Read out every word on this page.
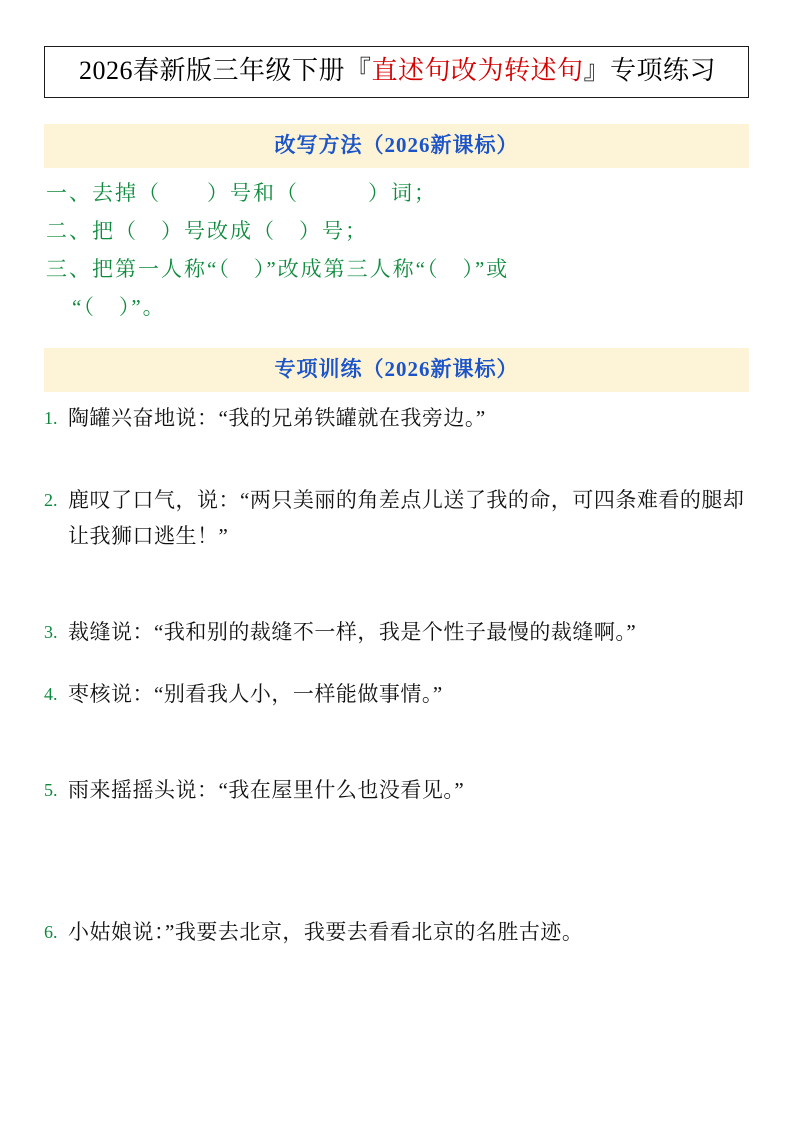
2026春新版三年级下册『直述句改为转述句』专项练习
改写方法（2026新课标）
一、去掉（　　）号和（　　　）词；
二、把（　）号改成（　）号；
三、把第一人称“（　）”改成第三人称“（　）”或
“（　）”。
专项训练（2026新课标）
1. 陶罐兴奋地说：“我的兄弟铁罐就在我旁边。”
2. 鹿叹了口气，说：“两只美丽的角差点儿送了我的命，可四条难看的腿却让我狮口逃生！”
3. 裁缝说：“我和别的裁缝不一样，我是个性子最慢的裁缝啊。”
4. 枣核说：“别看我人小，一样能做事情。”
5. 雨来摇摇头说：“我在屋里什么也没看见。”
6. 小姑娘说：”我要去北京，我要去看看北京的名胜古迹。
